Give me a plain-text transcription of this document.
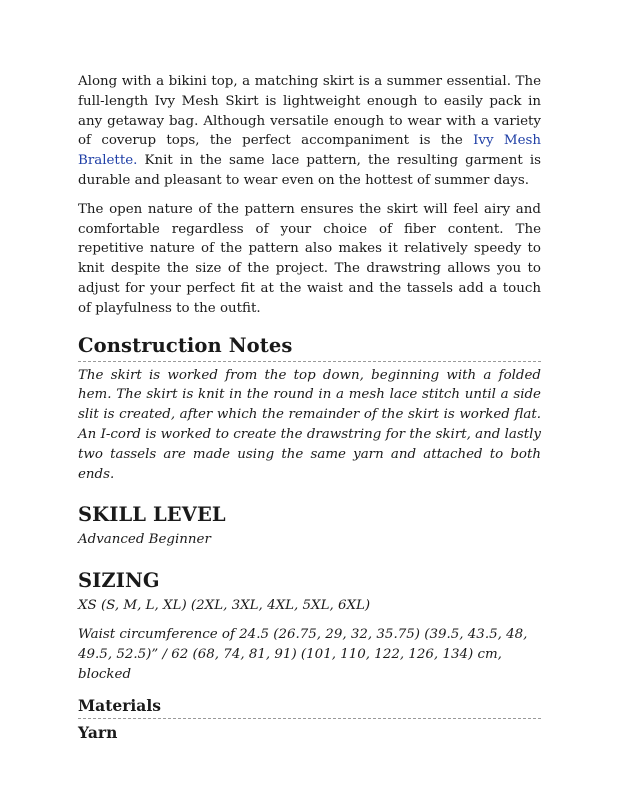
Along with a bikini top, a matching skirt is a summer essential. The full-length Ivy Mesh Skirt is lightweight enough to easily pack in any getaway bag. Although versatile enough to wear with a variety of coverup tops, the perfect accompaniment is the Ivy Mesh Bralette. Knit in the same lace pattern, the resulting garment is durable and pleasant to wear even on the hottest of summer days.

The open nature of the pattern ensures the skirt will feel airy and comfortable regardless of your choice of fiber content. The repetitive nature of the pattern also makes it relatively speedy to knit despite the size of the project. The drawstring allows you to adjust for your perfect fit at the waist and the tassels add a touch of playfulness to the outfit.

Construction Notes

The skirt is worked from the top down, beginning with a folded hem. The skirt is knit in the round in a mesh lace stitch until a side slit is created, after which the remainder of the skirt is worked flat. An I-cord is worked to create the drawstring for the skirt, and lastly two tassels are made using the same yarn and attached to both ends.

SKILL LEVEL

Advanced Beginner

SIZING

XS (S, M, L, XL) (2XL, 3XL, 4XL, 5XL, 6XL)

Waist circumference of 24.5 (26.75, 29, 32, 35.75) (39.5, 43.5, 48, 49.5, 52.5)” / 62 (68, 74, 81, 91) (101, 110, 122, 126, 134) cm, blocked

Materials
Yarn
